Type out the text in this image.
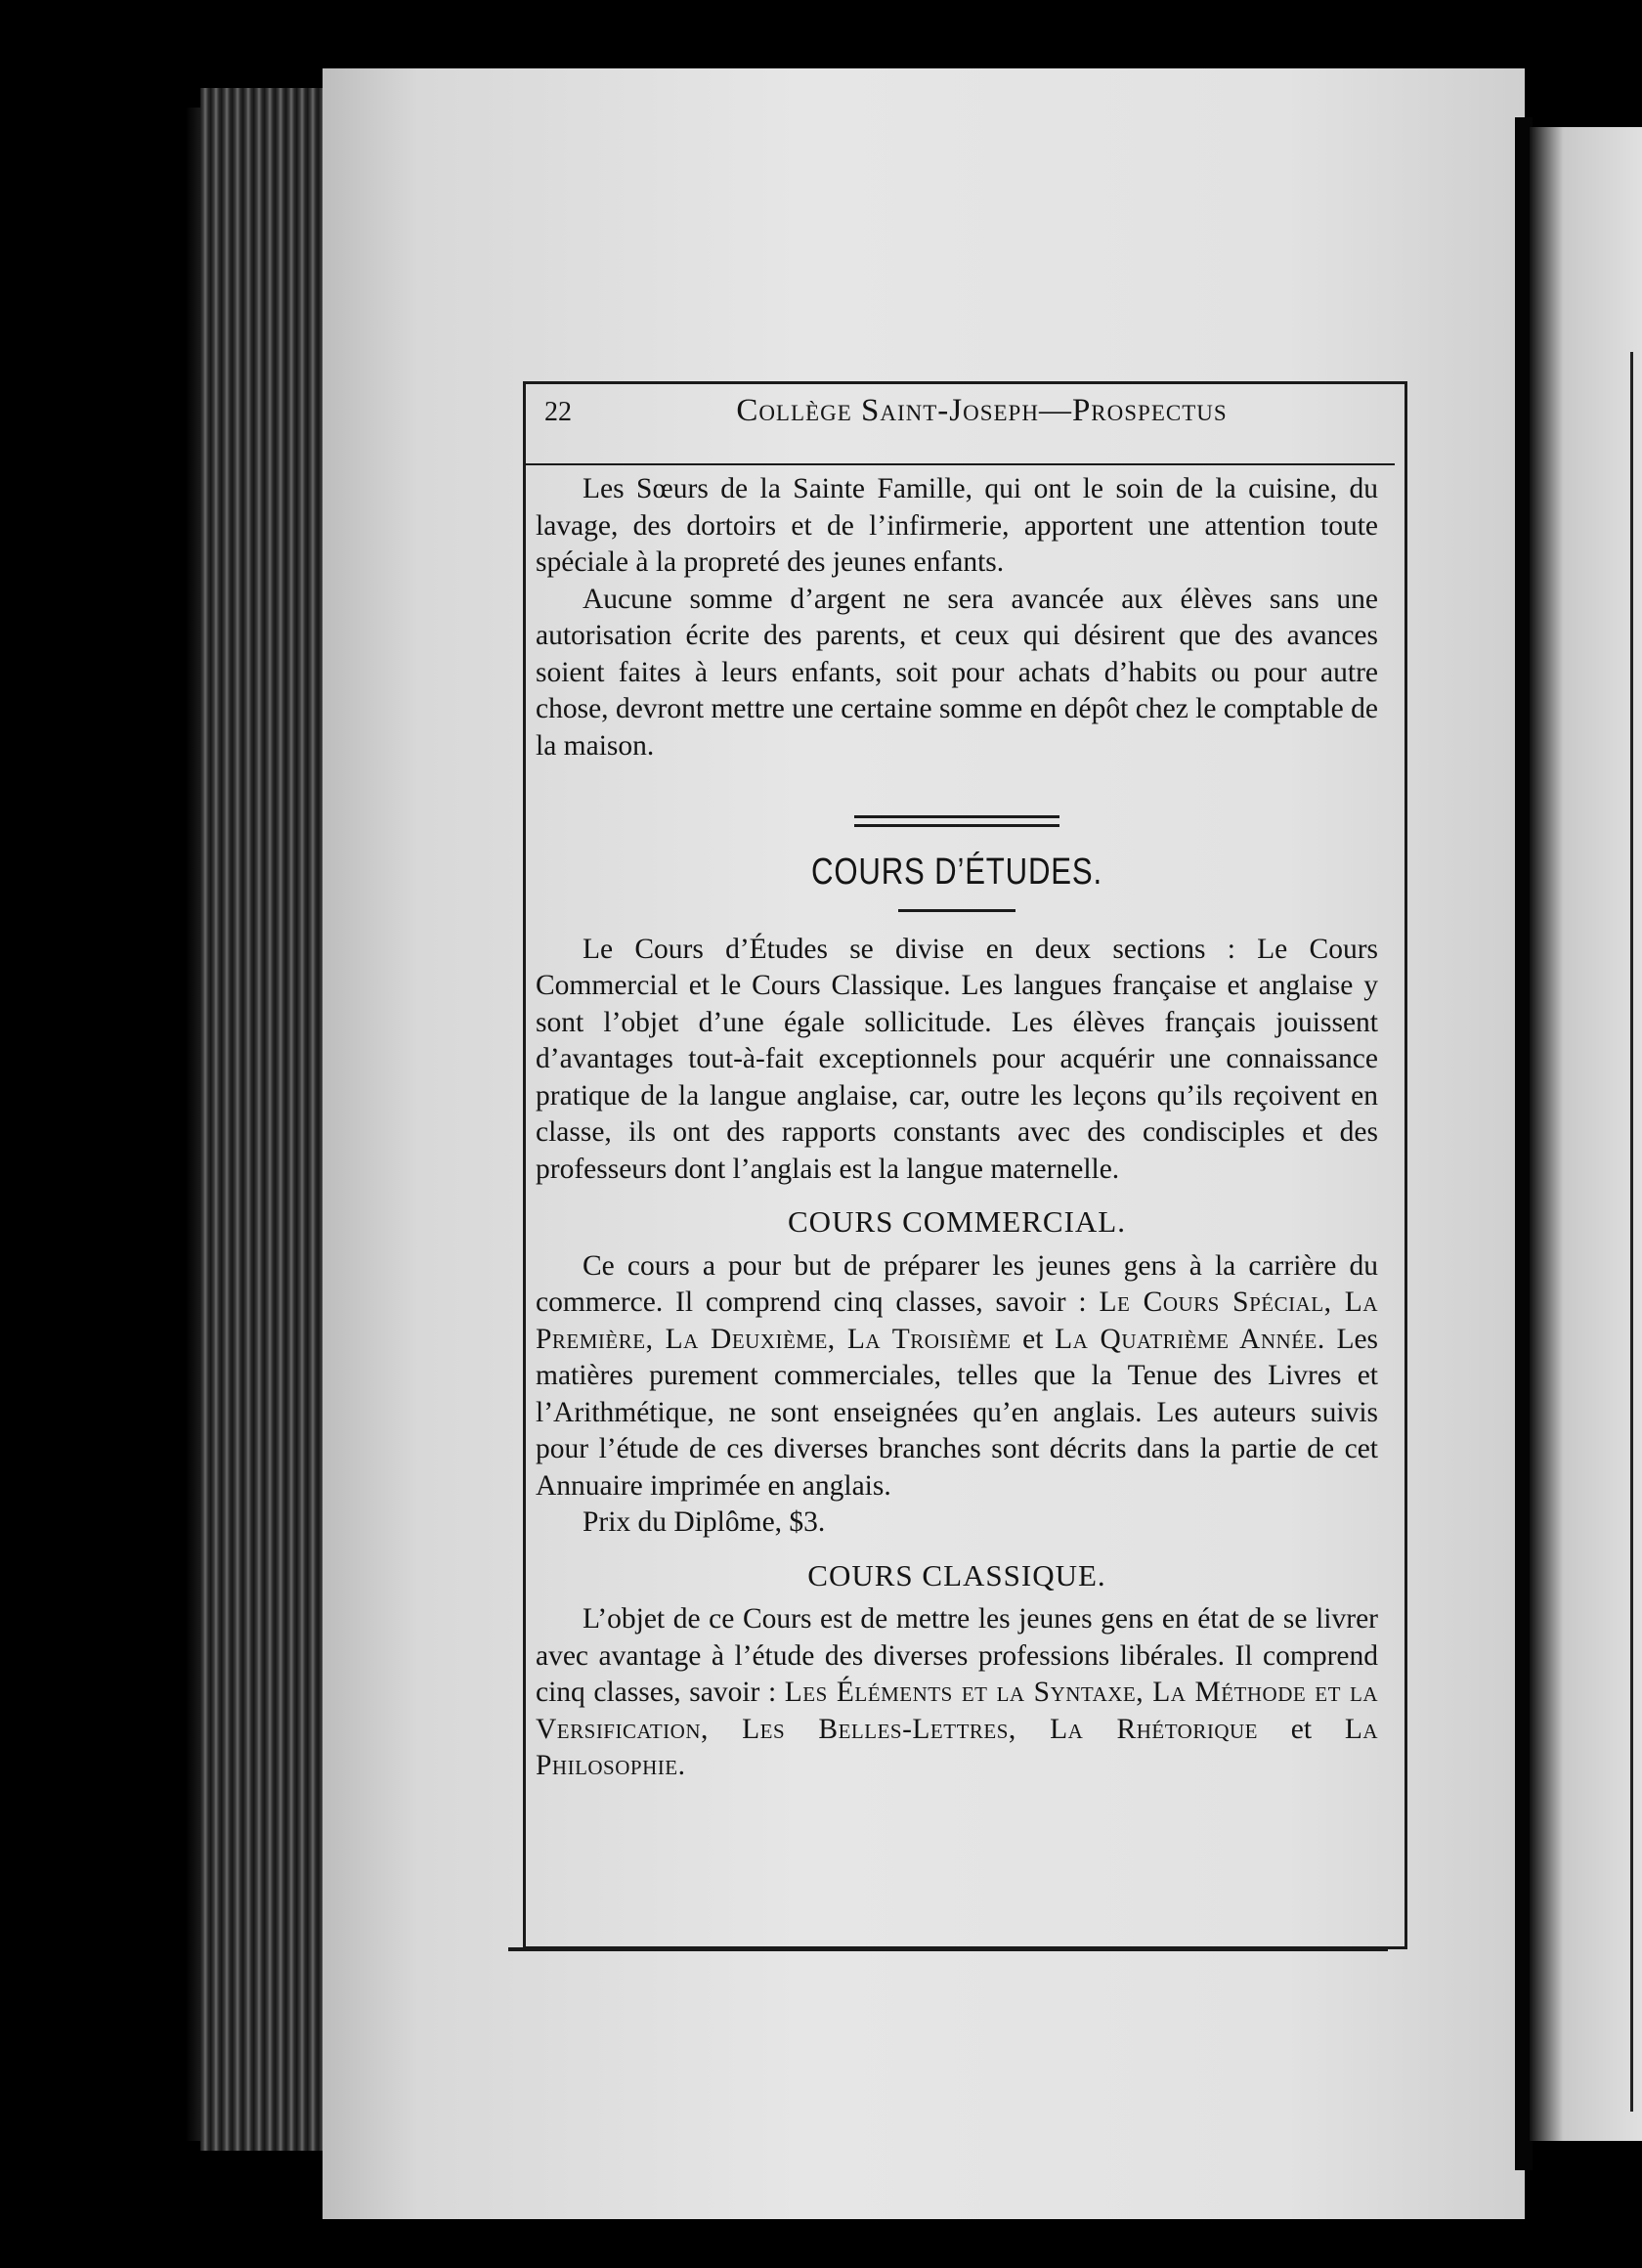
22	Collège Saint-Joseph—Prospectus

Les Sœurs de la Sainte Famille, qui ont le soin de la cuisine, du lavage, des dortoirs et de l’infirmerie, apportent une attention toute spéciale à la propreté des jeunes enfants.

Aucune somme d’argent ne sera avancée aux élèves sans une autorisation écrite des parents, et ceux qui désirent que des avances soient faites à leurs enfants, soit pour achats d’habits ou pour autre chose, devront mettre une certaine somme en dépôt chez le comptable de la maison.

COURS D’ÉTUDES.

Le Cours d’Études se divise en deux sections : Le Cours Commercial et le Cours Classique. Les langues française et anglaise y sont l’objet d’une égale sollicitude. Les élèves français jouissent d’avantages tout-à-fait exceptionnels pour acquérir une connaissance pratique de la langue anglaise, car, outre les leçons qu’ils reçoivent en classe, ils ont des rapports constants avec des condisciples et des professeurs dont l’anglais est la langue maternelle.

COURS COMMERCIAL.

Ce cours a pour but de préparer les jeunes gens à la carrière du commerce. Il comprend cinq classes, savoir : Le Cours Spécial, La Première, La Deuxième, La Troisième et La Quatrième Année. Les matières purement commerciales, telles que la Tenue des Livres et l’Arithmétique, ne sont enseignées qu’en anglais. Les auteurs suivis pour l’étude de ces diverses branches sont décrits dans la partie de cet Annuaire imprimée en anglais.

Prix du Diplôme, $3.

COURS CLASSIQUE.

L’objet de ce Cours est de mettre les jeunes gens en état de se livrer avec avantage à l’étude des diverses professions libérales. Il comprend cinq classes, savoir : Les Éléments et la Syntaxe, La Méthode et la Versification, Les Belles-Lettres, La Rhétorique et La Philosophie.
